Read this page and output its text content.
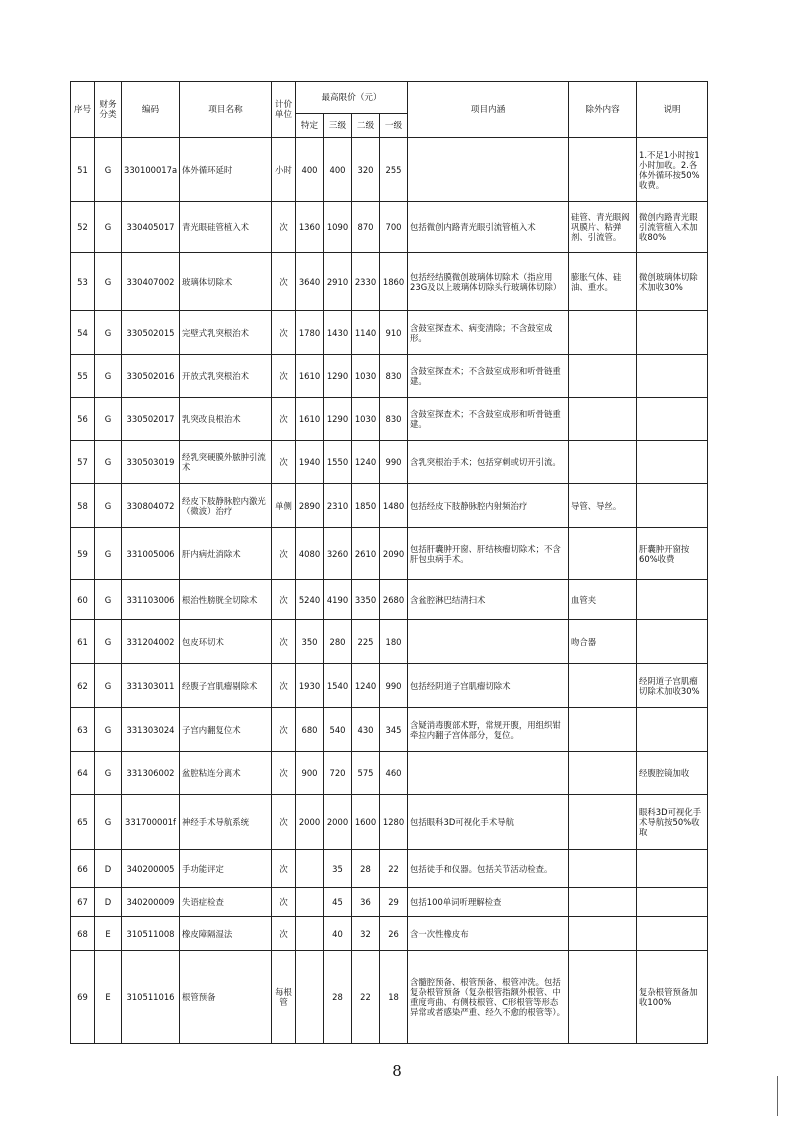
序号	财务分类	编码	项目名称	计价单位	最高限价（元）				项目内涵	除外内容	说明
					特定	三级	二级	一级			
51	G	330100017a	体外循环延时	小时	400	400	320	255			1.不足1小时按1小时加收。2.各体外循环按50%收费。
52	G	330405017	青光眼硅管植入术	次	1360	1090	870	700	包括微创内路青光眼引流管植入术	硅管、青光眼阀巩膜片、粘弹剂、引流管。	微创内路青光眼引流管植入术加收80%
53	G	330407002	玻璃体切除术	次	3640	2910	2330	1860	包括经结膜微创玻璃体切除术（指应用23G及以上玻璃体切除头行玻璃体切除）	膨胀气体、硅油、重水。	微创玻璃体切除术加收30%
54	G	330502015	完壁式乳突根治术	次	1780	1430	1140	910	含鼓室探查术、病变清除；不含鼓室成形。		
55	G	330502016	开放式乳突根治术	次	1610	1290	1030	830	含鼓室探查术；不含鼓室成形和听骨链重建。		
56	G	330502017	乳突改良根治术	次	1610	1290	1030	830	含鼓室探查术；不含鼓室成形和听骨链重建。		
57	G	330503019	经乳突硬膜外脓肿引流术	次	1940	1550	1240	990	含乳突根治手术；包括穿刺或切开引流。		
58	G	330804072	经皮下肢静脉腔内激光（微波）治疗	单侧	2890	2310	1850	1480	包括经皮下肢静脉腔内射频治疗	导管、导丝。	
59	G	331005006	肝内病灶消除术	次	4080	3260	2610	2090	包括肝囊肿开窗、肝结核瘤切除术；不含肝包虫病手术。		肝囊肿开窗按60%收费
60	G	331103006	根治性膀胱全切除术	次	5240	4190	3350	2680	含盆腔淋巴结清扫术	血管夹	
61	G	331204002	包皮环切术	次	350	280	225	180		吻合器	
62	G	331303011	经腹子宫肌瘤剔除术	次	1930	1540	1240	990	包括经阴道子宫肌瘤切除术		经阴道子宫肌瘤切除术加收30%
63	G	331303024	子宫内翻复位术	次	680	540	430	345	含疑消毒腹部术野，常规开腹，用组织钳牵拉内翻子宫体部分，复位。		
64	G	331306002	盆腔粘连分离术	次	900	720	575	460			经腹腔镜加收
65	G	331700001f	神经手术导航系统	次	2000	2000	1600	1280	包括眼科3D可视化手术导航		眼科3D可视化手术导航按50%收取
66	D	340200005	手功能评定	次		35	28	22	包括徒手和仪器。包括关节活动检查。		
67	D	340200009	失语症检查	次		45	36	29	包括100单词听理解检查		
68	E	310511008	橡皮障隔湿法	次		40	32	26	含一次性橡皮布		
69	E	310511016	根管预备	每根管		28	22	18	含髓腔预备、根管预备、根管冲洗。包括复杂根管预备（复杂根管指额外根管、中重度弯曲、有侧枝根管、C形根管等形态异常或者感染严重、经久不愈的根管等）。		复杂根管预备加收100%
8
